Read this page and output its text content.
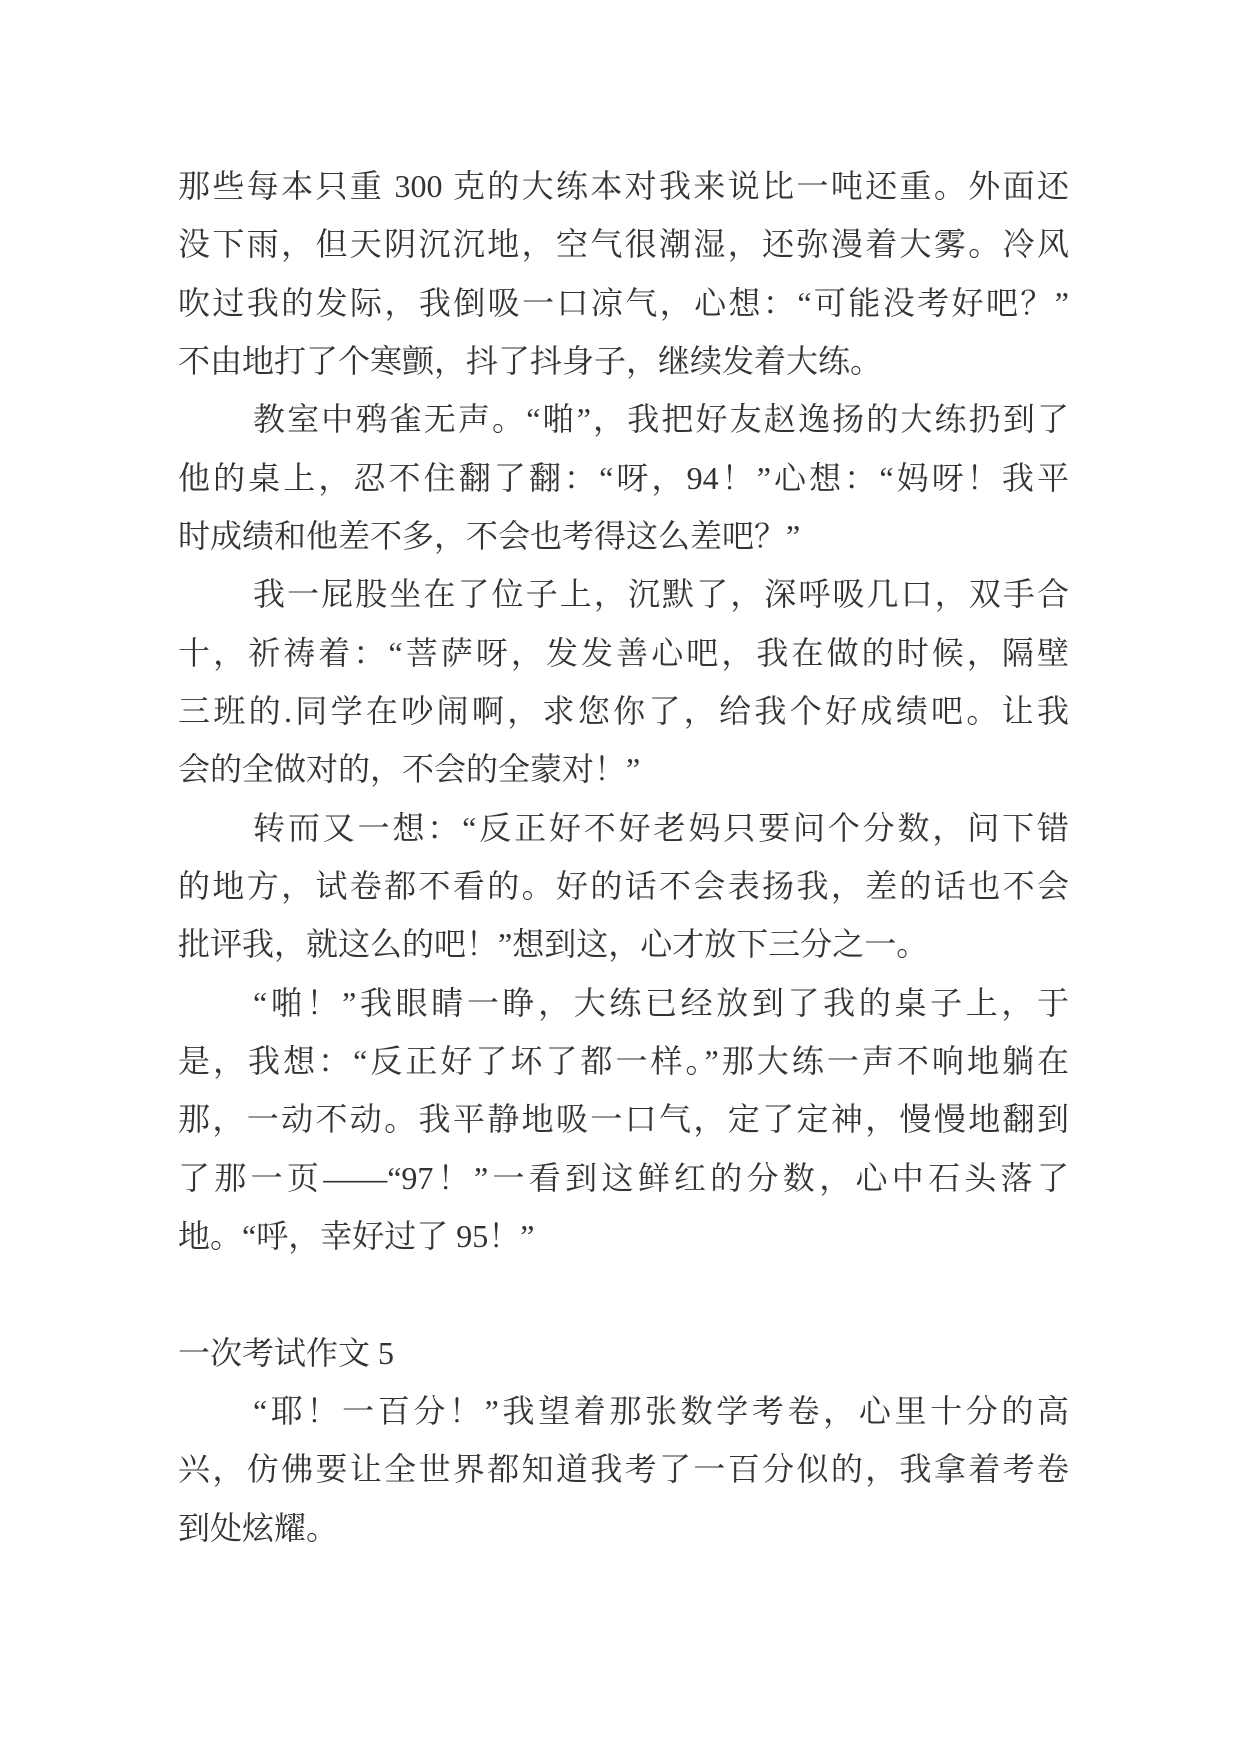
那些每本只重 300 克的大练本对我来说比一吨还重。外面还
没下雨，但天阴沉沉地，空气很潮湿，还弥漫着大雾。冷风
吹过我的发际，我倒吸一口凉气，心想：“可能没考好吧？”
不由地打了个寒颤，抖了抖身子，继续发着大练。
教室中鸦雀无声。“啪”，我把好友赵逸扬的大练扔到了
他的桌上，忍不住翻了翻：“呀，94！”心想：“妈呀！我平
时成绩和他差不多，不会也考得这么差吧？”
我一屁股坐在了位子上，沉默了，深呼吸几口，双手合
十，祈祷着：“菩萨呀，发发善心吧，我在做的时候，隔壁
三班的.同学在吵闹啊，求您你了，给我个好成绩吧。让我
会的全做对的，不会的全蒙对！”
转而又一想：“反正好不好老妈只要问个分数，问下错
的地方，试卷都不看的。好的话不会表扬我，差的话也不会
批评我，就这么的吧！”想到这，心才放下三分之一。
“啪！”我眼睛一睁，大练已经放到了我的桌子上，于
是，我想：“反正好了坏了都一样。”那大练一声不响地躺在
那，一动不动。我平静地吸一口气，定了定神，慢慢地翻到
了那一页——“97！”一看到这鲜红的分数，心中石头落了
地。“呼，幸好过了 95！”
一次考试作文 5
“耶！一百分！”我望着那张数学考卷，心里十分的高
兴，仿佛要让全世界都知道我考了一百分似的，我拿着考卷
到处炫耀。
